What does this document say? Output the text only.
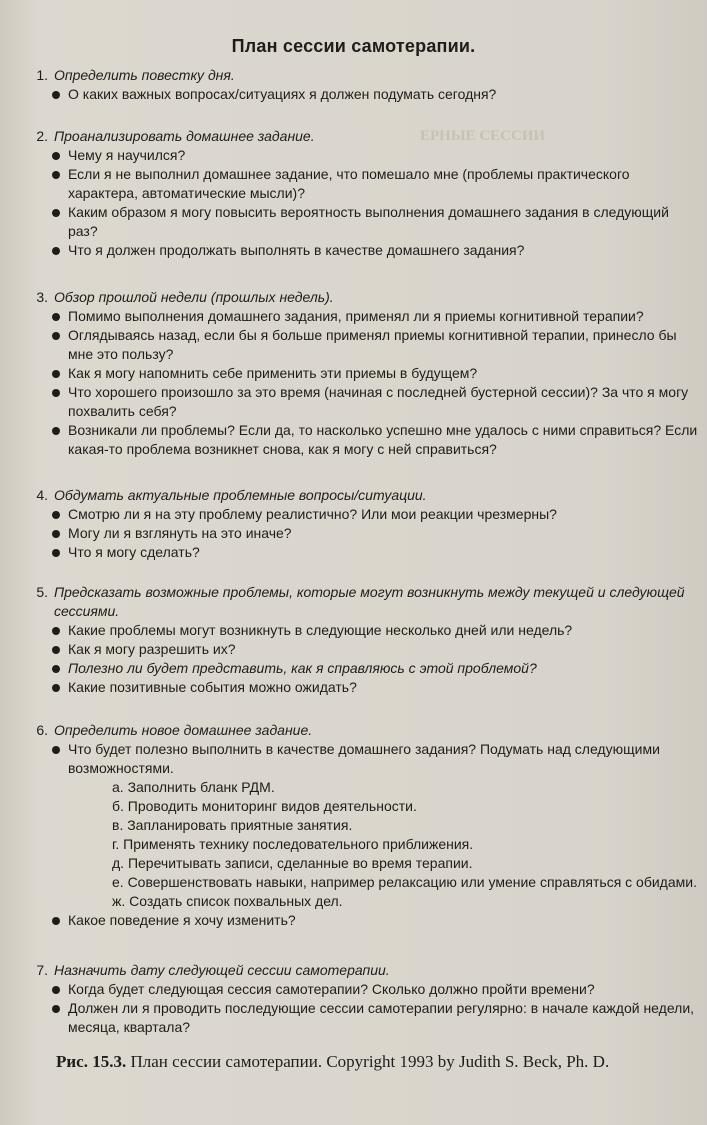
ЕРНЫЕ СЕССИИ
План сессии самотерапии.
1. Определить повестку дня.
О каких важных вопросах/ситуациях я должен подумать сегодня?
2. Проанализировать домашнее задание.
Чему я научился?
Если я не выполнил домашнее задание, что помешало мне (проблемы практического характера, автоматические мысли)?
Каким образом я могу повысить вероятность выполнения домашнего задания в следующий раз?
Что я должен продолжать выполнять в качестве домашнего задания?
3. Обзор прошлой недели (прошлых недель).
Помимо выполнения домашнего задания, применял ли я приемы когнитивной терапии?
Оглядываясь назад, если бы я больше применял приемы когнитивной терапии, принесло бы мне это пользу?
Как я могу напомнить себе применить эти приемы в будущем?
Что хорошего произошло за это время (начиная с последней бустерной сессии)? За что я могу похвалить себя?
Возникали ли проблемы? Если да, то насколько успешно мне удалось с ними справиться? Если какая-то проблема возникнет снова, как я могу с ней справиться?
4. Обдумать актуальные проблемные вопросы/ситуации.
Смотрю ли я на эту проблему реалистично? Или мои реакции чрезмерны?
Могу ли я взглянуть на это иначе?
Что я могу сделать?
5. Предсказать возможные проблемы, которые могут возникнуть между текущей и следующей сессиями.
Какие проблемы могут возникнуть в следующие несколько дней или недель?
Как я могу разрешить их?
Полезно ли будет представить, как я справляюсь с этой проблемой?
Какие позитивные события можно ожидать?
6. Определить новое домашнее задание.
Что будет полезно выполнить в качестве домашнего задания? Подумать над следующими возможностями.
а. Заполнить бланк РДМ.
б. Проводить мониторинг видов деятельности.
в. Запланировать приятные занятия.
г. Применять технику последовательного приближения.
д. Перечитывать записи, сделанные во время терапии.
е. Совершенствовать навыки, например релаксацию или умение справляться с обидами.
ж. Создать список похвальных дел.
Какое поведение я хочу изменить?
7. Назначить дату следующей сессии самотерапии.
Когда будет следующая сессия самотерапии? Сколько должно пройти времени?
Должен ли я проводить последующие сессии самотерапии регулярно: в начале каждой недели, месяца, квартала?
Рис. 15.3. План сессии самотерапии. Copyright 1993 by Judith S. Beck, Ph. D.
